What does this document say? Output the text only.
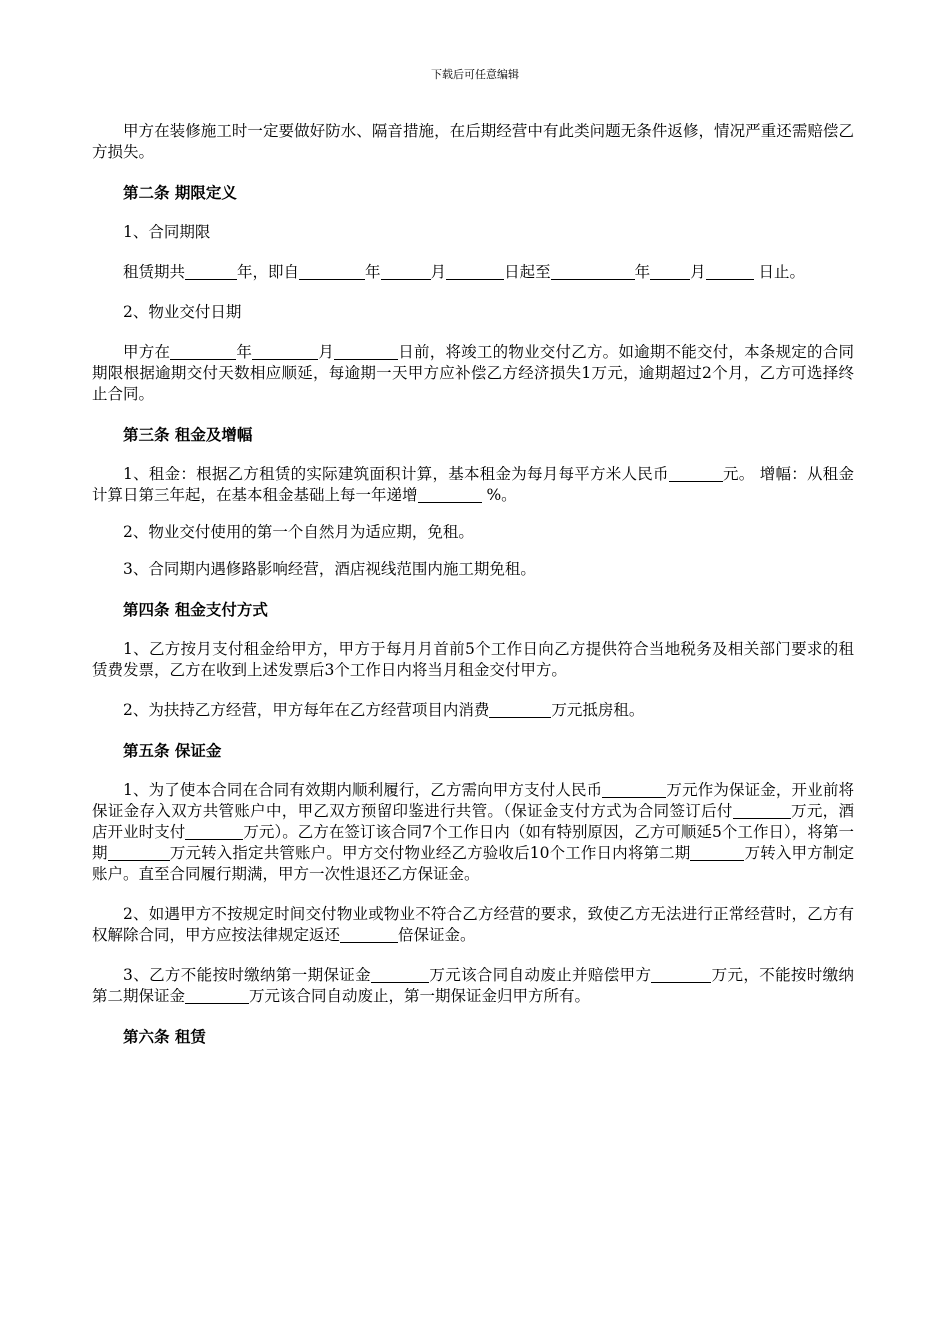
下载后可任意编辑

甲方在装修施工时一定要做好防水、隔音措施，在后期经营中有此类问题无条件返修，情况严重还需赔偿乙方损失。

第二条 期限定义

1、合同期限

租赁期共	年，即自	年	月	日起至	年	月	日止。

2、物业交付日期

甲方在	年	月	日前，将竣工的物业交付乙方。如逾期不能交付，本条规定的合同期限根据逾期交付天数相应顺延，每逾期一天甲方应补偿乙方经济损失1万元，逾期超过2个月，乙方可选择终止合同。

第三条 租金及增幅

1、租金：根据乙方租赁的实际建筑面积计算，基本租金为每月每平方米人民币	元。 增幅：从租金计算日第三年起，在基本租金基础上每一年递增	%。

2、物业交付使用的第一个自然月为适应期，免租。

3、合同期内遇修路影响经营，酒店视线范围内施工期免租。

第四条 租金支付方式

1、乙方按月支付租金给甲方，甲方于每月月首前5个工作日向乙方提供符合当地税务及相关部门要求的租赁费发票，乙方在收到上述发票后3个工作日内将当月租金交付甲方。

2、为扶持乙方经营，甲方每年在乙方经营项目内消费	万元抵房租。

第五条 保证金

1、为了使本合同在合同有效期内顺利履行，乙方需向甲方支付人民币	万元作为保证金，开业前将保证金存入双方共管账户中，甲乙双方预留印鉴进行共管。（保证金支付方式为合同签订后付	万元，酒店开业时支付	万元）。乙方在签订该合同7个工作日内（如有特别原因，乙方可顺延5个工作日），将第一期	万元转入指定共管账户。甲方交付物业经乙方验收后10个工作日内将第二期	万转入甲方制定账户。直至合同履行期满，甲方一次性退还乙方保证金。

2、如遇甲方不按规定时间交付物业或物业不符合乙方经营的要求，致使乙方无法进行正常经营时，乙方有权解除合同，甲方应按法律规定返还	倍保证金。

3、乙方不能按时缴纳第一期保证金	万元该合同自动废止并赔偿甲方	万元，不能按时缴纳第二期保证金	万元该合同自动废止，第一期保证金归甲方所有。

第六条 租赁
